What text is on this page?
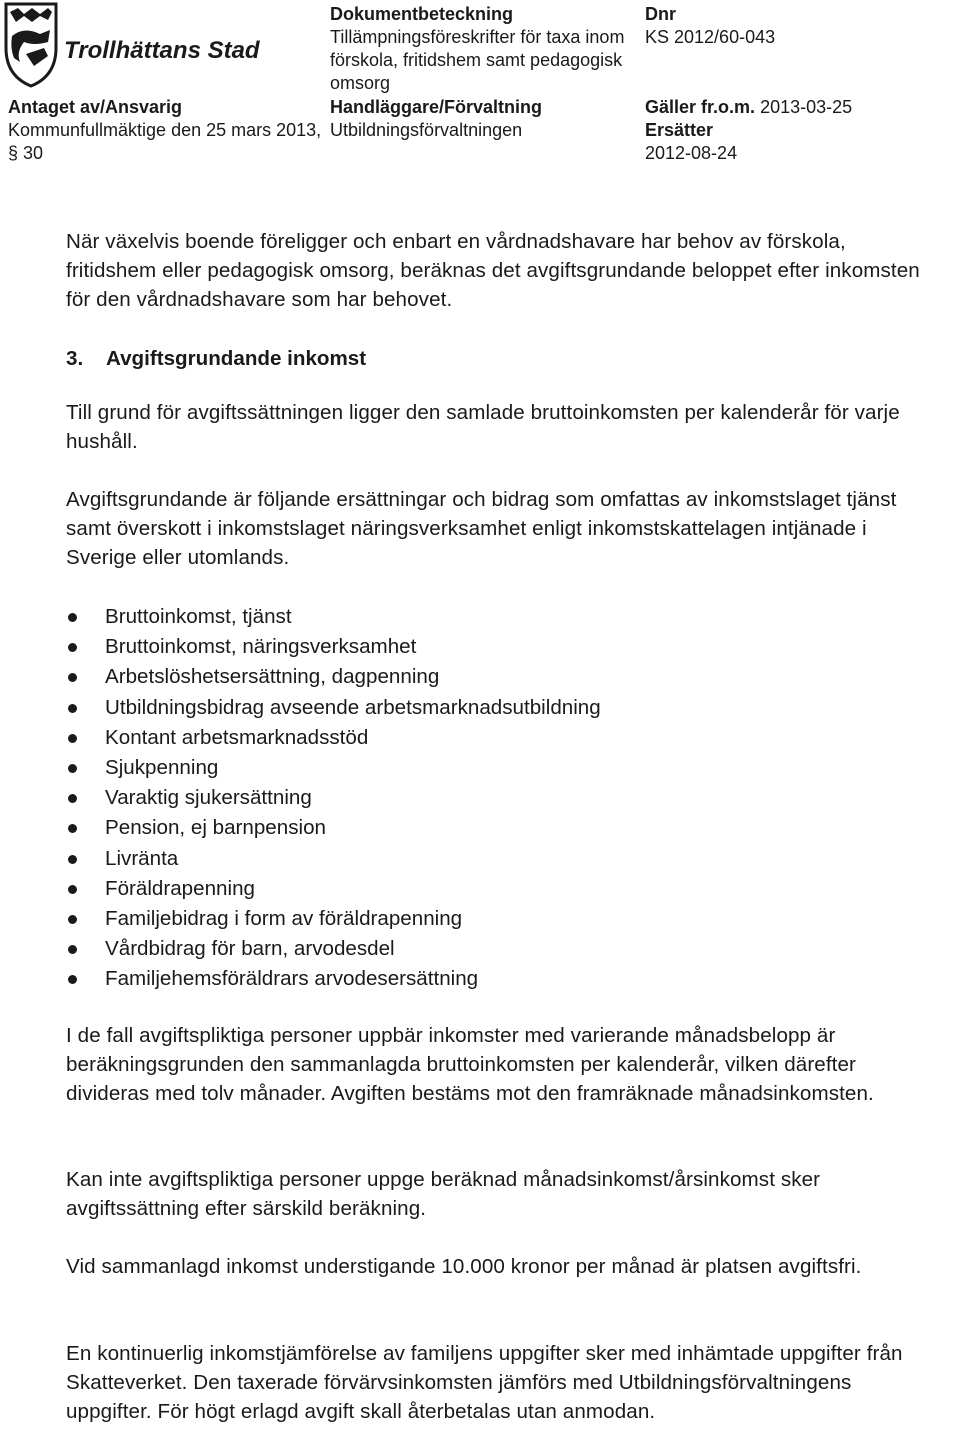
Trollhättans Stad
Dokumentbeteckning
Tillämpningsföreskrifter för taxa inom förskola, fritidshem samt pedagogisk omsorg
Dnr
KS 2012/60-043
Antaget av/Ansvarig
Kommunfullmäktige den 25 mars 2013, § 30
Handläggare/Förvaltning
Utbildningsförvaltningen
Gäller fr.o.m. 2013-03-25
Ersätter
2012-08-24
När växelvis boende föreligger och enbart en vårdnadshavare har behov av förskola, fritidshem eller pedagogisk omsorg, beräknas det avgiftsgrundande beloppet efter inkomsten för den vårdnadshavare som har behovet.
3. Avgiftsgrundande inkomst
Till grund för avgiftssättningen ligger den samlade bruttoinkomsten per kalenderår för varje hushåll.
Avgiftsgrundande är följande ersättningar och bidrag som omfattas av inkomstslaget tjänst samt överskott i inkomstslaget näringsverksamhet enligt inkomstskattelagen intjänade i Sverige eller utomlands.
Bruttoinkomst, tjänst
Bruttoinkomst, näringsverksamhet
Arbetslöshetsersättning, dagpenning
Utbildningsbidrag avseende arbetsmarknadsutbildning
Kontant arbetsmarknadsstöd
Sjukpenning
Varaktig sjukersättning
Pension, ej barnpension
Livränta
Föräldrapenning
Familjebidrag i form av föräldrapenning
Vårdbidrag för barn, arvodesdel
Familjehemsföräldrars arvodesersättning
I de fall avgiftspliktiga personer uppbär inkomster med varierande månadsbelopp är beräkningsgrunden den sammanlagda bruttoinkomsten per kalenderår, vilken därefter divideras med tolv månader. Avgiften bestäms mot den framräknade månadsinkomsten.
Kan inte avgiftspliktiga personer uppge beräknad månadsinkomst/årsinkomst sker avgiftssättning efter särskild beräkning.
Vid sammanlagd inkomst understigande 10.000 kronor per månad är platsen avgiftsfri.
En kontinuerlig inkomstjämförelse av familjens uppgifter sker med inhämtade uppgifter från Skatteverket. Den taxerade förvärvsinkomsten jämförs med Utbildningsförvaltningens uppgifter. För högt erlagd avgift skall återbetalas utan anmodan.
